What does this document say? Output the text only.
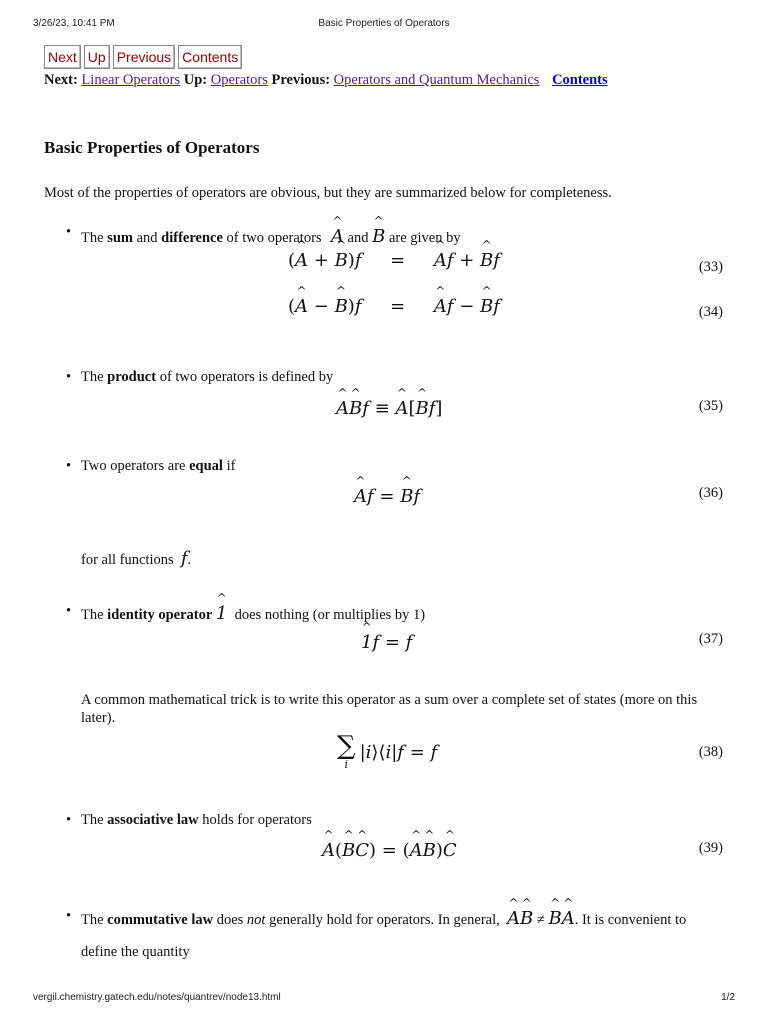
3/26/23, 10:41 PM	Basic Properties of Operators
Next Up Previous Contents
Next: Linear Operators Up: Operators Previous: Operators and Quantum Mechanics Contents
Basic Properties of Operators
Most of the properties of operators are obvious, but they are summarized below for completeness.
The sum and difference of two operators A ^ and B ^ are given by
(A ^ + B ^)f     =     A ^f + B ^f	(33)
(A ^ − B ^)f     =     A ^f − B ^f	(34)
The product of two operators is defined by
A ^B ^f ≡ A ^[B ^f]	(35)
Two operators are equal if
A ^f = B ^f	(36)
for all functions f.
The identity operator 1 ^  does nothing (or multiplies by 1)
1 ^f = f	(37)
A common mathematical trick is to write this operator as a sum over a complete set of states (more on this later).
∑
i
|i⟩⟨i|f = f	(38)
The associative law holds for operators
A ^(B ^C ^) = (A ^B ^)C ^	(39)
The commutative law does not generally hold for operators. In general, A ^B ^ ≠ B ^A ^. It is convenient to
define the quantity
vergil.chemistry.gatech.edu/notes/quantrev/node13.html	1/2
